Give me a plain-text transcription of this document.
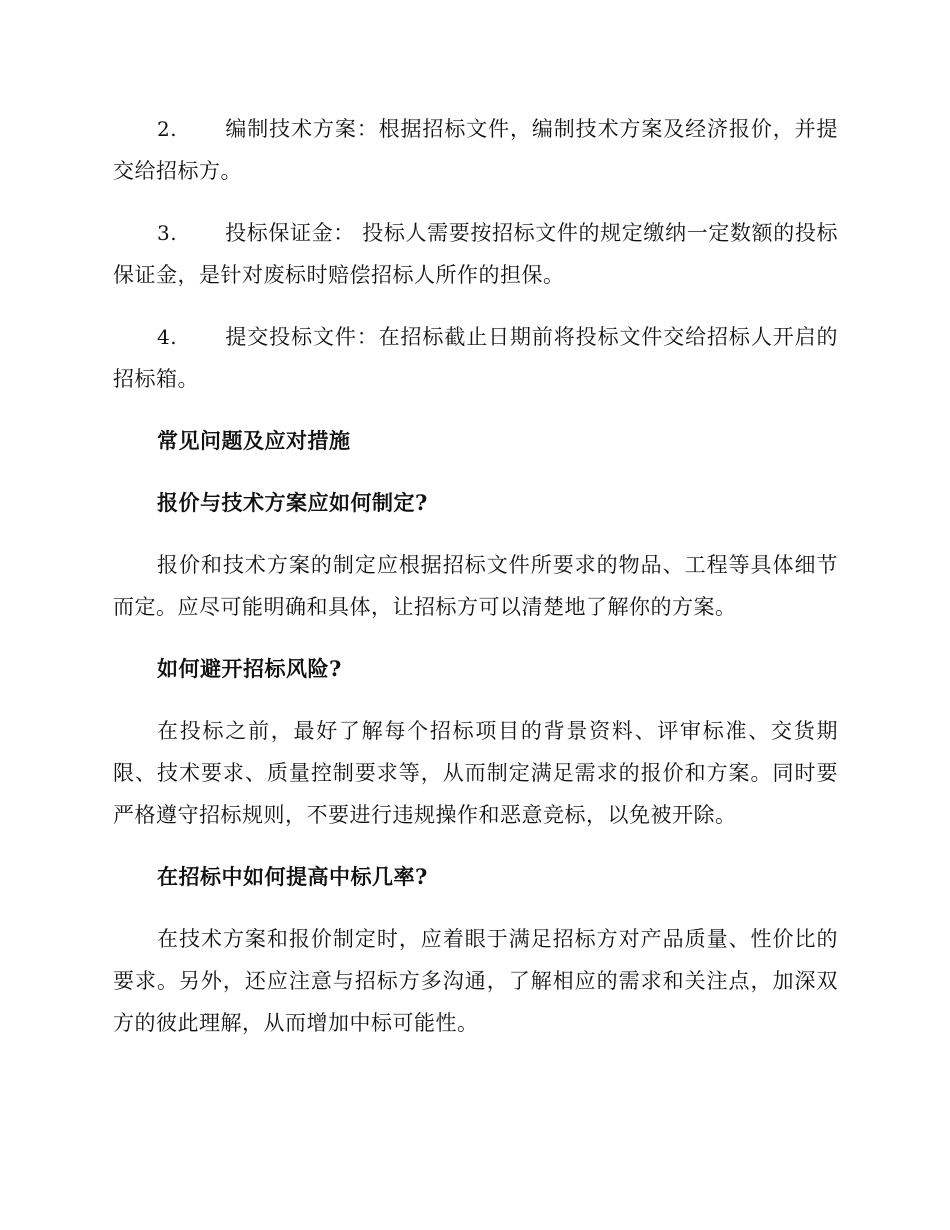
2. 编制技术方案：根据招标文件，编制技术方案及经济报价，并提交给招标方。

3. 投标保证金： 投标人需要按招标文件的规定缴纳一定数额的投标保证金，是针对废标时赔偿招标人所作的担保。

4. 提交投标文件：在招标截止日期前将投标文件交给招标人开启的招标箱。

常见问题及应对措施
报价与技术方案应如何制定?

报价和技术方案的制定应根据招标文件所要求的物品、工程等具体细节而定。应尽可能明确和具体，让招标方可以清楚地了解你的方案。

如何避开招标风险?

在投标之前，最好了解每个招标项目的背景资料、评审标准、交货期限、技术要求、质量控制要求等，从而制定满足需求的报价和方案。同时要严格遵守招标规则，不要进行违规操作和恶意竞标，以免被开除。

在招标中如何提高中标几率?

在技术方案和报价制定时，应着眼于满足招标方对产品质量、性价比的要求。另外，还应注意与招标方多沟通，了解相应的需求和关注点，加深双方的彼此理解，从而增加中标可能性。
